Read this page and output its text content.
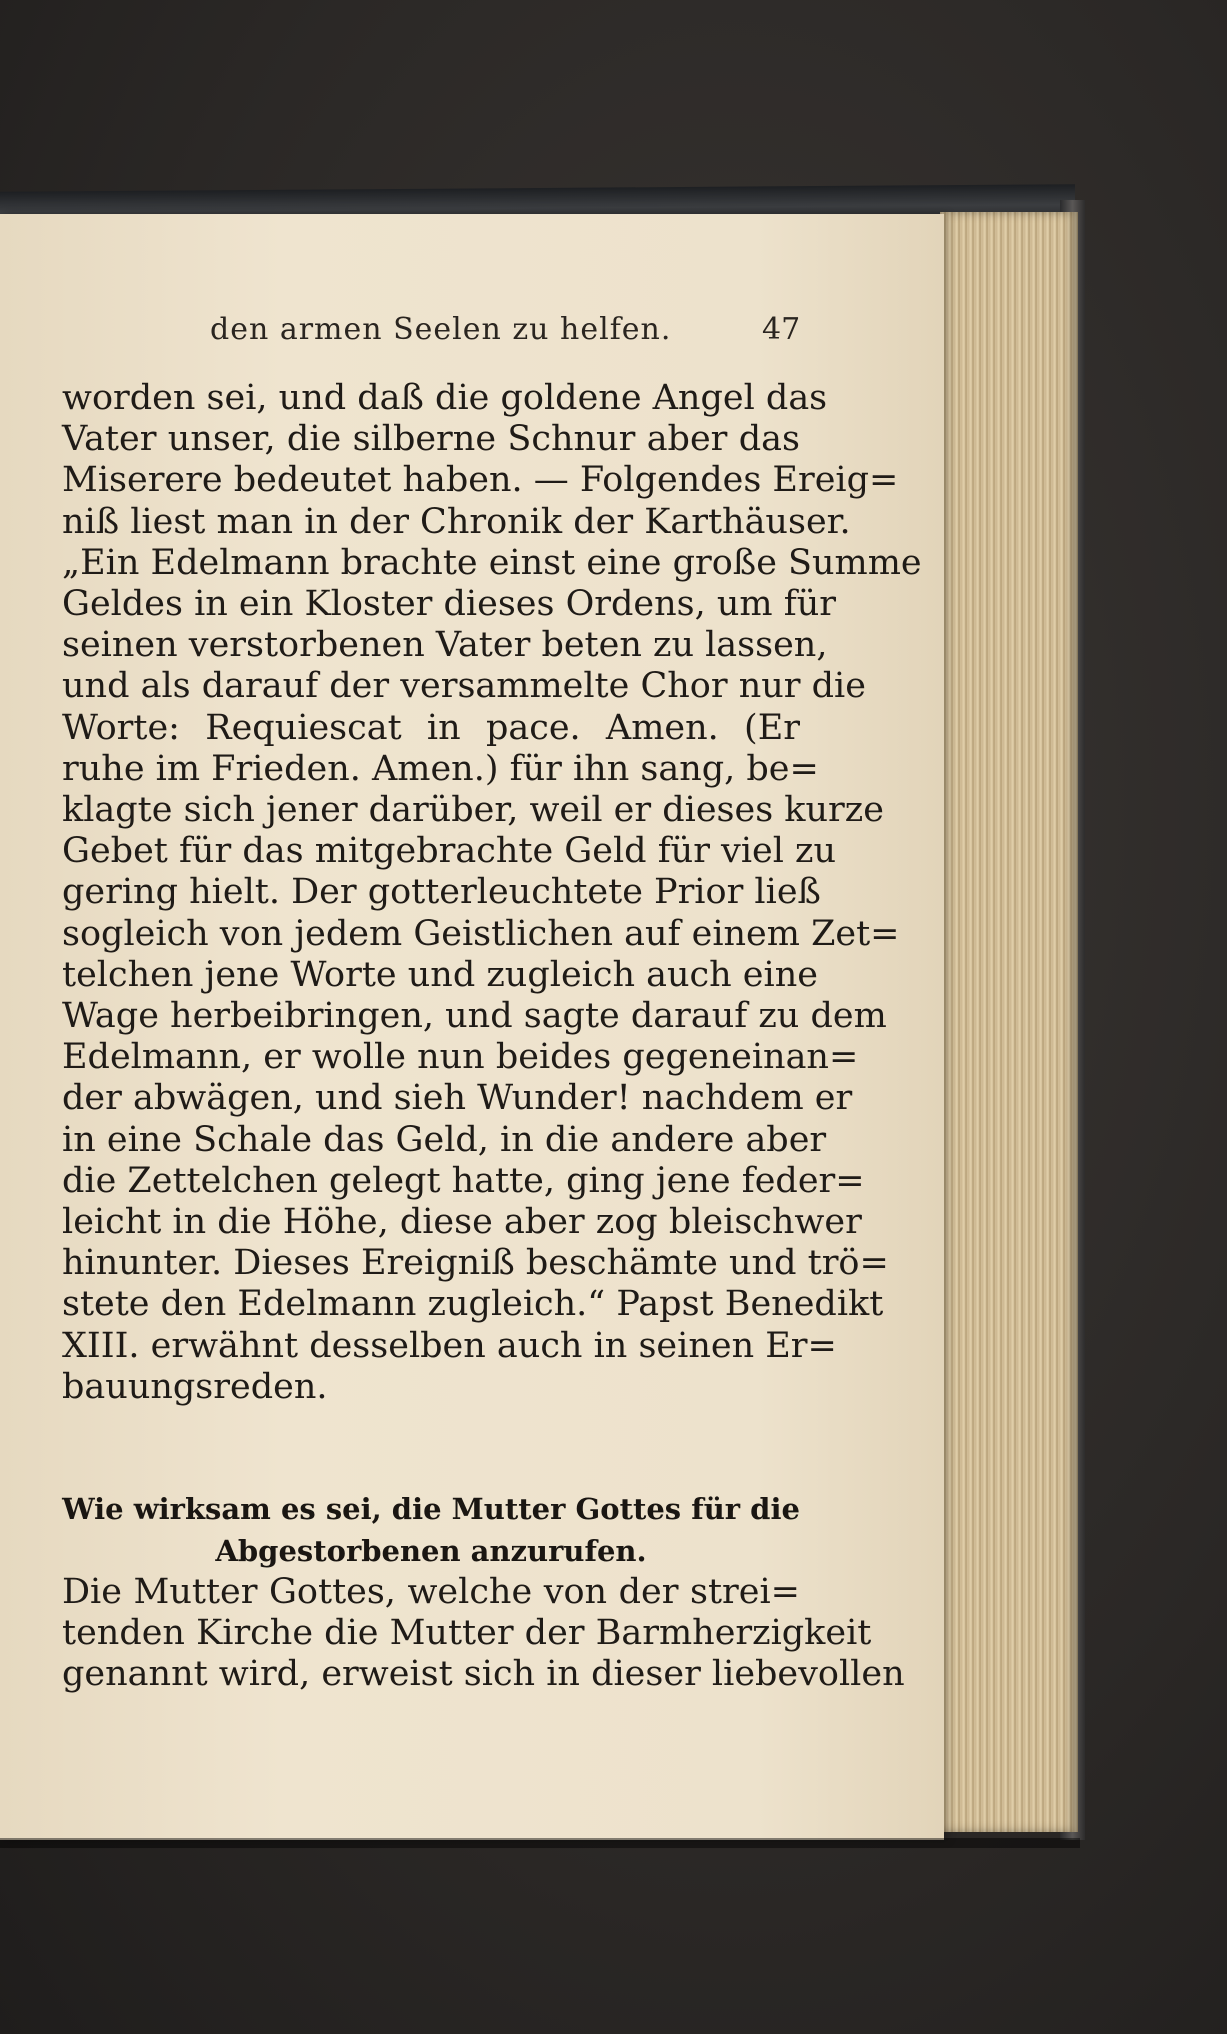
den armen Seelen zu helfen.	47
worden sei, und daß die goldene Angel das
Vater unser, die silberne Schnur aber das
Miserere bedeutet haben. — Folgendes Ereig=
niß liest man in der Chronik der Karthäuser.
„Ein Edelmann brachte einst eine große Summe
Geldes in ein Kloster dieses Ordens, um für
seinen verstorbenen Vater beten zu lassen,
und als darauf der versammelte Chor nur die
Worte: Requiescat in pace. Amen. (Er
ruhe im Frieden. Amen.) für ihn sang, be=
klagte sich jener darüber, weil er dieses kurze
Gebet für das mitgebrachte Geld für viel zu
gering hielt. Der gotterleuchtete Prior ließ
sogleich von jedem Geistlichen auf einem Zet=
telchen jene Worte und zugleich auch eine
Wage herbeibringen, und sagte darauf zu dem
Edelmann, er wolle nun beides gegeneinan=
der abwägen, und sieh Wunder! nachdem er
in eine Schale das Geld, in die andere aber
die Zettelchen gelegt hatte, ging jene feder=
leicht in die Höhe, diese aber zog bleischwer
hinunter. Dieses Ereigniß beschämte und trö=
stete den Edelmann zugleich.“ Papst Benedikt
XIII. erwähnt desselben auch in seinen Er=
bauungsreden.
Wie wirksam es sei, die Mutter Gottes für die
Abgestorbenen anzurufen.
Die Mutter Gottes, welche von der strei=
tenden Kirche die Mutter der Barmherzigkeit
genannt wird, erweist sich in dieser liebevollen
